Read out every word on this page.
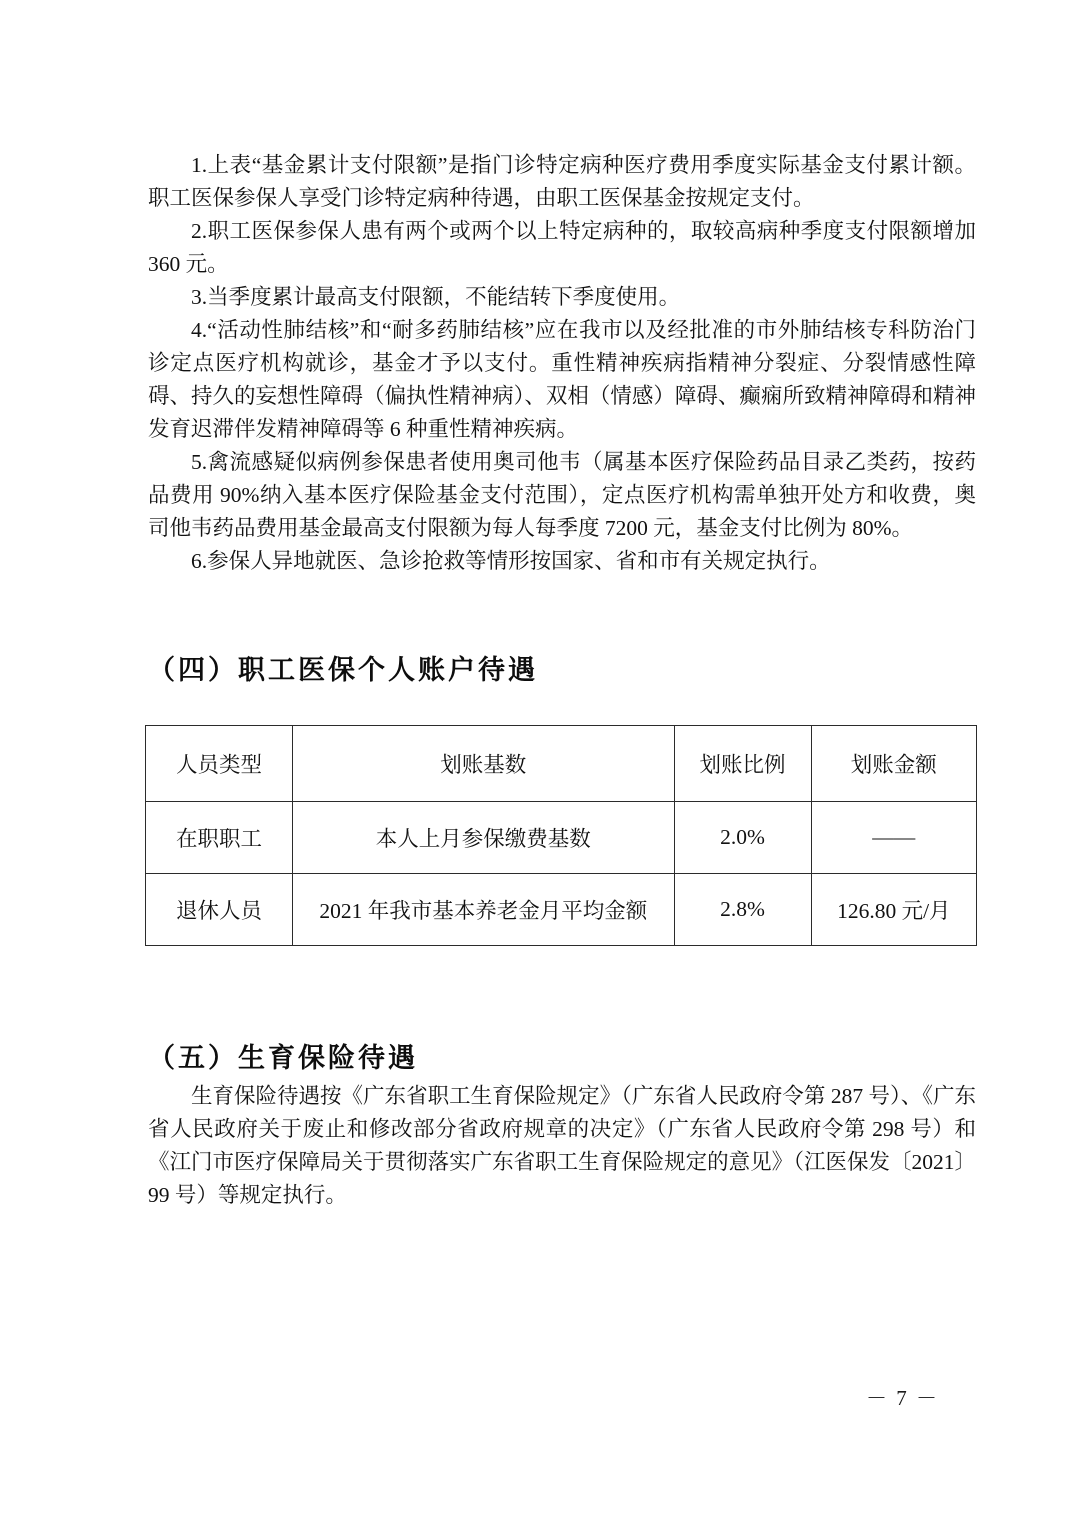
1.上表“基金累计支付限额”是指门诊特定病种医疗费用季度实际基金支付累计额。职工医保参保人享受门诊特定病种待遇，由职工医保基金按规定支付。

2.职工医保参保人患有两个或两个以上特定病种的，取较高病种季度支付限额增加 360 元。

3.当季度累计最高支付限额，不能结转下季度使用。

4.“活动性肺结核”和“耐多药肺结核”应在我市以及经批准的市外肺结核专科防治门诊定点医疗机构就诊，基金才予以支付。重性精神疾病指精神分裂症、分裂情感性障碍、持久的妄想性障碍（偏执性精神病）、双相（情感）障碍、癫痫所致精神障碍和精神发育迟滞伴发精神障碍等 6 种重性精神疾病。

5.禽流感疑似病例参保患者使用奥司他韦（属基本医疗保险药品目录乙类药，按药品费用 90%纳入基本医疗保险基金支付范围），定点医疗机构需单独开处方和收费，奥司他韦药品费用基金最高支付限额为每人每季度 7200 元，基金支付比例为 80%。

6.参保人异地就医、急诊抢救等情形按国家、省和市有关规定执行。

（四）职工医保个人账户待遇
人员类型	划账基数	划账比例	划账金额
在职职工	本人上月参保缴费基数	2.0%	——
退休人员	2021 年我市基本养老金月平均金额	2.8%	126.80 元/月
（五）生育保险待遇

生育保险待遇按《广东省职工生育保险规定》（广东省人民政府令第 287 号）、《广东省人民政府关于废止和修改部分省政府规章的决定》（广东省人民政府令第 298 号）和《江门市医疗保障局关于贯彻落实广东省职工生育保险规定的意见》（江医保发〔2021〕99 号）等规定执行。

－ 7 －
